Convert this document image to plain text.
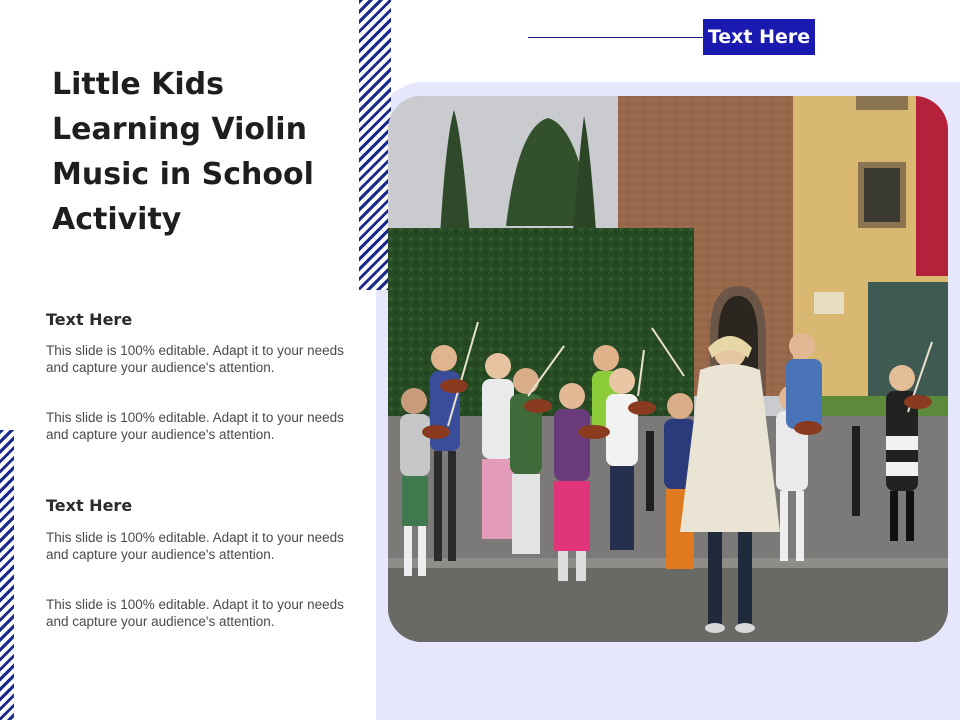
Text Here
Little Kids Learning Violin Music in School Activity
Text Here

This slide is 100% editable. Adapt it to your needs and capture your audience's attention.

This slide is 100% editable. Adapt it to your needs and capture your audience's attention.

Text Here

This slide is 100% editable. Adapt it to your needs and capture your audience's attention.

This slide is 100% editable. Adapt it to your needs and capture your audience's attention.
